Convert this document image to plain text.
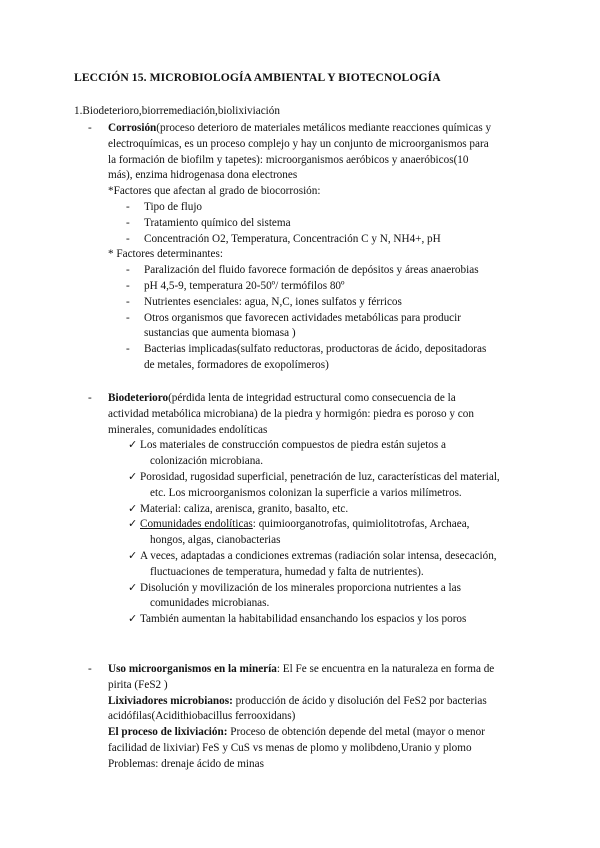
LECCIÓN 15. MICROBIOLOGÍA AMBIENTAL Y BIOTECNOLOGÍA
1.Biodeterioro,biorremediación,biolixiviación
- Corrosión(proceso deterioro de materiales metálicos mediante reacciones químicas y
electroquímicas, es un proceso complejo y hay un conjunto de microorganismos para
la formación de biofilm y tapetes): microorganismos aeróbicos y anaeróbicos(10
más), enzima hidrogenasa dona electrones
*Factores que afectan al grado de biocorrosión:
- Tipo de flujo
- Tratamiento químico del sistema
- Concentración O2, Temperatura, Concentración C y N, NH4+, pH
* Factores determinantes:
- Paralización del fluido favorece formación de depósitos y áreas anaerobias
- pH 4,5-9, temperatura 20-50º/ termófilos 80º
- Nutrientes esenciales: agua, N,C, iones sulfatos y férricos
- Otros organismos que favorecen actividades metabólicas para producir
sustancias que aumenta biomasa )
- Bacterias implicadas(sulfato reductoras, productoras de ácido, depositadoras
de metales, formadores de exopolímeros)
- Biodeterioro(pérdida lenta de integridad estructural como consecuencia de la
actividad metabólica microbiana) de la piedra y hormigón: piedra es poroso y con
minerales, comunidades endolíticas
✓ Los materiales de construcción compuestos de piedra están sujetos a
colonización microbiana.
✓ Porosidad, rugosidad superficial, penetración de luz, características del material,
etc. Los microorganismos colonizan la superficie a varios milímetros.
✓ Material: caliza, arenisca, granito, basalto, etc.
✓ Comunidades endolíticas: quimioorganotrofas, quimiolitotrofas, Archaea,
hongos, algas, cianobacterias
✓ A veces, adaptadas a condiciones extremas (radiación solar intensa, desecación,
fluctuaciones de temperatura, humedad y falta de nutrientes).
✓ Disolución y movilización de los minerales proporciona nutrientes a las
comunidades microbianas.
✓ También aumentan la habitabilidad ensanchando los espacios y los poros
- Uso microorganismos en la minería: El Fe se encuentra en la naturaleza en forma de
pirita (FeS2 )
Lixiviadores microbianos: producción de ácido y disolución del FeS2 por bacterias
acidófilas(Acidithiobacillus ferrooxidans)
El proceso de lixiviación: Proceso de obtención depende del metal (mayor o menor
facilidad de lixiviar) FeS y CuS vs menas de plomo y molibdeno,Uranio y plomo
Problemas: drenaje ácido de minas
